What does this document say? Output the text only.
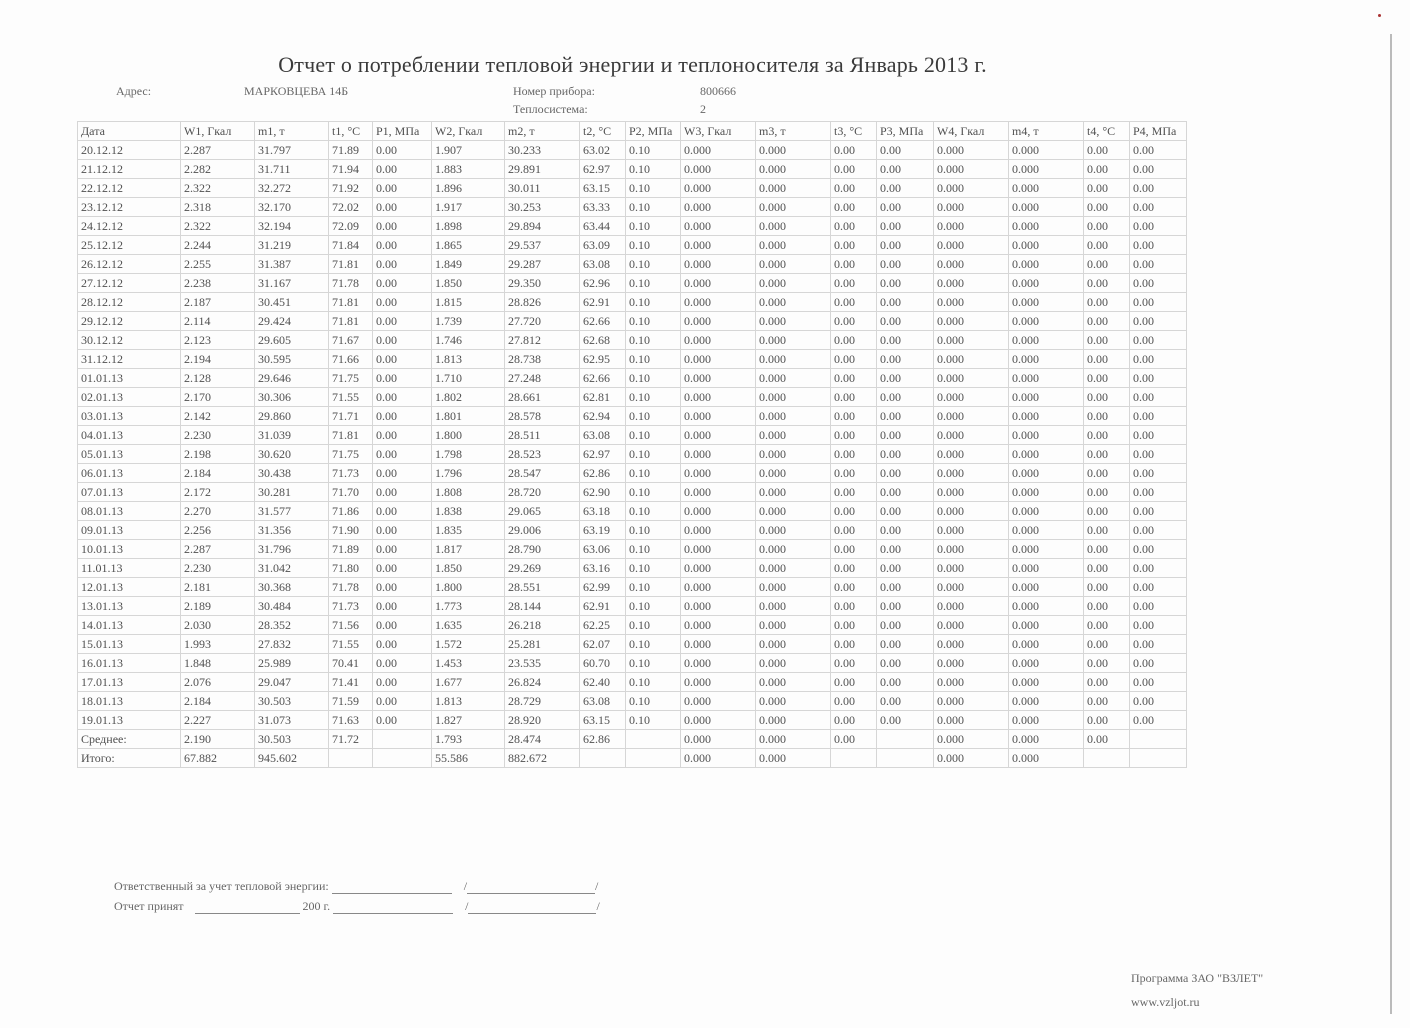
Отчет о потреблении тепловой энергии и теплоносителя за Январь 2013 г.
Адрес:	МАРКОВЦЕВА 14Б	Номер прибора:	800666
Теплосистема:	2
Дата	W1, Гкал	m1, т	t1, °C	P1, МПа	W2, Гкал	m2, т	t2, °C	P2, МПа	W3, Гкал	m3, т	t3, °C	P3, МПа	W4, Гкал	m4, т	t4, °C	P4, МПа
20.12.12	2.287	31.797	71.89	0.00	1.907	30.233	63.02	0.10	0.000	0.000	0.00	0.00	0.000	0.000	0.00	0.00
21.12.12	2.282	31.711	71.94	0.00	1.883	29.891	62.97	0.10	0.000	0.000	0.00	0.00	0.000	0.000	0.00	0.00
22.12.12	2.322	32.272	71.92	0.00	1.896	30.011	63.15	0.10	0.000	0.000	0.00	0.00	0.000	0.000	0.00	0.00
23.12.12	2.318	32.170	72.02	0.00	1.917	30.253	63.33	0.10	0.000	0.000	0.00	0.00	0.000	0.000	0.00	0.00
24.12.12	2.322	32.194	72.09	0.00	1.898	29.894	63.44	0.10	0.000	0.000	0.00	0.00	0.000	0.000	0.00	0.00
25.12.12	2.244	31.219	71.84	0.00	1.865	29.537	63.09	0.10	0.000	0.000	0.00	0.00	0.000	0.000	0.00	0.00
26.12.12	2.255	31.387	71.81	0.00	1.849	29.287	63.08	0.10	0.000	0.000	0.00	0.00	0.000	0.000	0.00	0.00
27.12.12	2.238	31.167	71.78	0.00	1.850	29.350	62.96	0.10	0.000	0.000	0.00	0.00	0.000	0.000	0.00	0.00
28.12.12	2.187	30.451	71.81	0.00	1.815	28.826	62.91	0.10	0.000	0.000	0.00	0.00	0.000	0.000	0.00	0.00
29.12.12	2.114	29.424	71.81	0.00	1.739	27.720	62.66	0.10	0.000	0.000	0.00	0.00	0.000	0.000	0.00	0.00
30.12.12	2.123	29.605	71.67	0.00	1.746	27.812	62.68	0.10	0.000	0.000	0.00	0.00	0.000	0.000	0.00	0.00
31.12.12	2.194	30.595	71.66	0.00	1.813	28.738	62.95	0.10	0.000	0.000	0.00	0.00	0.000	0.000	0.00	0.00
01.01.13	2.128	29.646	71.75	0.00	1.710	27.248	62.66	0.10	0.000	0.000	0.00	0.00	0.000	0.000	0.00	0.00
02.01.13	2.170	30.306	71.55	0.00	1.802	28.661	62.81	0.10	0.000	0.000	0.00	0.00	0.000	0.000	0.00	0.00
03.01.13	2.142	29.860	71.71	0.00	1.801	28.578	62.94	0.10	0.000	0.000	0.00	0.00	0.000	0.000	0.00	0.00
04.01.13	2.230	31.039	71.81	0.00	1.800	28.511	63.08	0.10	0.000	0.000	0.00	0.00	0.000	0.000	0.00	0.00
05.01.13	2.198	30.620	71.75	0.00	1.798	28.523	62.97	0.10	0.000	0.000	0.00	0.00	0.000	0.000	0.00	0.00
06.01.13	2.184	30.438	71.73	0.00	1.796	28.547	62.86	0.10	0.000	0.000	0.00	0.00	0.000	0.000	0.00	0.00
07.01.13	2.172	30.281	71.70	0.00	1.808	28.720	62.90	0.10	0.000	0.000	0.00	0.00	0.000	0.000	0.00	0.00
08.01.13	2.270	31.577	71.86	0.00	1.838	29.065	63.18	0.10	0.000	0.000	0.00	0.00	0.000	0.000	0.00	0.00
09.01.13	2.256	31.356	71.90	0.00	1.835	29.006	63.19	0.10	0.000	0.000	0.00	0.00	0.000	0.000	0.00	0.00
10.01.13	2.287	31.796	71.89	0.00	1.817	28.790	63.06	0.10	0.000	0.000	0.00	0.00	0.000	0.000	0.00	0.00
11.01.13	2.230	31.042	71.80	0.00	1.850	29.269	63.16	0.10	0.000	0.000	0.00	0.00	0.000	0.000	0.00	0.00
12.01.13	2.181	30.368	71.78	0.00	1.800	28.551	62.99	0.10	0.000	0.000	0.00	0.00	0.000	0.000	0.00	0.00
13.01.13	2.189	30.484	71.73	0.00	1.773	28.144	62.91	0.10	0.000	0.000	0.00	0.00	0.000	0.000	0.00	0.00
14.01.13	2.030	28.352	71.56	0.00	1.635	26.218	62.25	0.10	0.000	0.000	0.00	0.00	0.000	0.000	0.00	0.00
15.01.13	1.993	27.832	71.55	0.00	1.572	25.281	62.07	0.10	0.000	0.000	0.00	0.00	0.000	0.000	0.00	0.00
16.01.13	1.848	25.989	70.41	0.00	1.453	23.535	60.70	0.10	0.000	0.000	0.00	0.00	0.000	0.000	0.00	0.00
17.01.13	2.076	29.047	71.41	0.00	1.677	26.824	62.40	0.10	0.000	0.000	0.00	0.00	0.000	0.000	0.00	0.00
18.01.13	2.184	30.503	71.59	0.00	1.813	28.729	63.08	0.10	0.000	0.000	0.00	0.00	0.000	0.000	0.00	0.00
19.01.13	2.227	31.073	71.63	0.00	1.827	28.920	63.15	0.10	0.000	0.000	0.00	0.00	0.000	0.000	0.00	0.00
Среднее:	2.190	30.503	71.72		1.793	28.474	62.86		0.000	0.000	0.00		0.000	0.000	0.00	
Итого:	67.882	945.602			55.586	882.672			0.000	0.000			0.000	0.000		
Ответственный за учет тепловой энергии:	/	/
Отчет принят	200 г.	/	/
Программа ЗАО "ВЗЛЕТ"
www.vzljot.ru
